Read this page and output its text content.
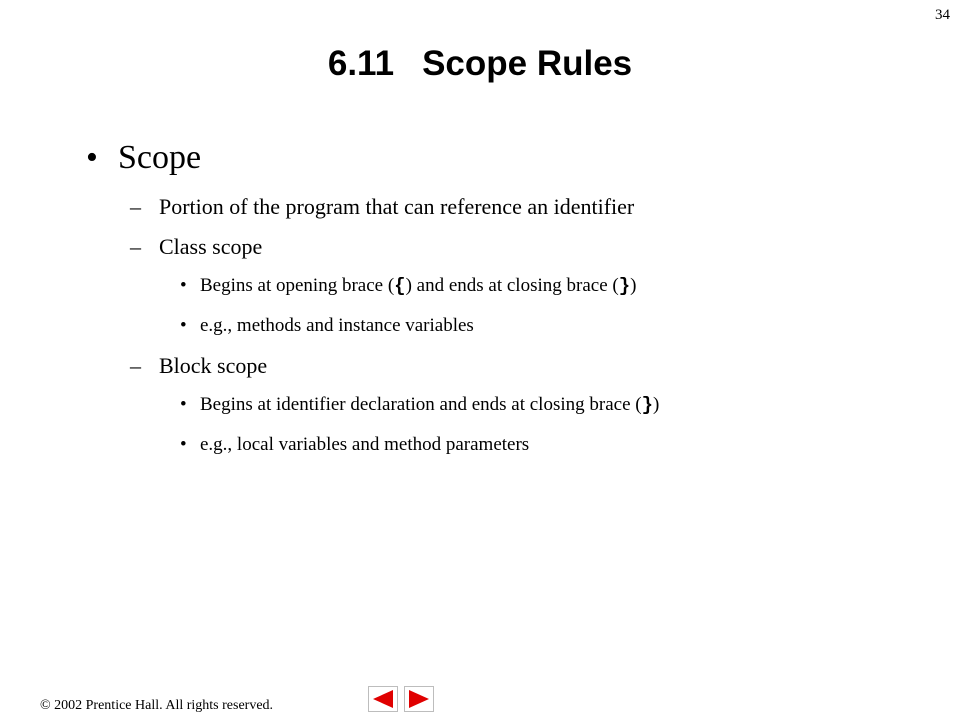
34
6.11 Scope Rules
• Scope
– Portion of the program that can reference an identifier
– Class scope
• Begins at opening brace ({) and ends at closing brace (})
• e.g., methods and instance variables
– Block scope
• Begins at identifier declaration and ends at closing brace (})
• e.g., local variables and method parameters
© 2002 Prentice Hall. All rights reserved.
